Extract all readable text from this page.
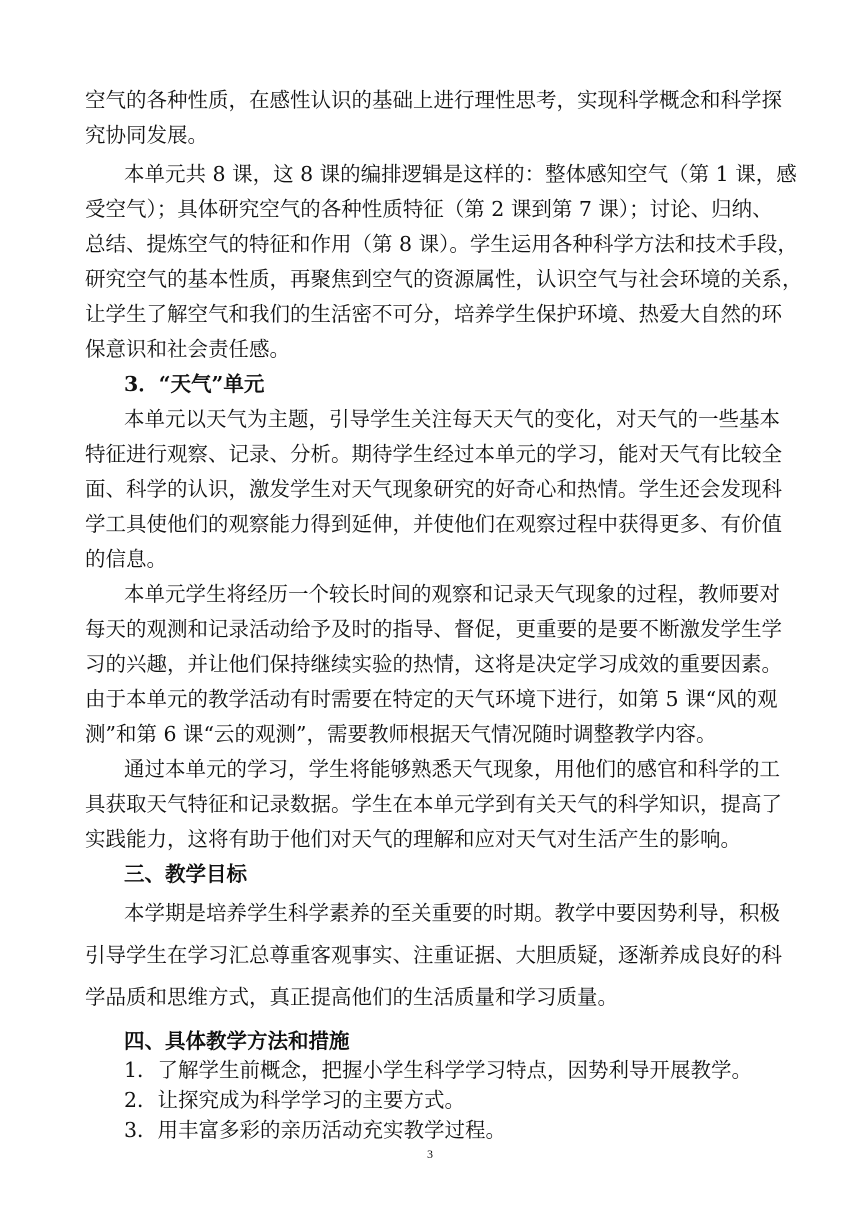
空气的各种性质，在感性认识的基础上进行理性思考，实现科学概念和科学探
究协同发展。
本单元共 8 课，这 8 课的编排逻辑是这样的：整体感知空气（第 1 课，感
受空气）；具体研究空气的各种性质特征（第 2 课到第 7 课）；讨论、归纳、
总结、提炼空气的特征和作用（第 8 课）。学生运用各种科学方法和技术手段，
研究空气的基本性质，再聚焦到空气的资源属性，认识空气与社会环境的关系，
让学生了解空气和我们的生活密不可分，培养学生保护环境、热爱大自然的环
保意识和社会责任感。
3．“天气”单元
本单元以天气为主题，引导学生关注每天天气的变化，对天气的一些基本
特征进行观察、记录、分析。期待学生经过本单元的学习，能对天气有比较全
面、科学的认识，激发学生对天气现象研究的好奇心和热情。学生还会发现科
学工具使他们的观察能力得到延伸，并使他们在观察过程中获得更多、有价值
的信息。
本单元学生将经历一个较长时间的观察和记录天气现象的过程，教师要对
每天的观测和记录活动给予及时的指导、督促，更重要的是要不断激发学生学
习的兴趣，并让他们保持继续实验的热情，这将是决定学习成效的重要因素。
由于本单元的教学活动有时需要在特定的天气环境下进行，如第 5 课“风的观
测”和第 6 课“云的观测”，需要教师根据天气情况随时调整教学内容。
通过本单元的学习，学生将能够熟悉天气现象，用他们的感官和科学的工
具获取天气特征和记录数据。学生在本单元学到有关天气的科学知识，提高了
实践能力，这将有助于他们对天气的理解和应对天气对生活产生的影响。
三、教学目标
本学期是培养学生科学素养的至关重要的时期。教学中要因势利导，积极
引导学生在学习汇总尊重客观事实、注重证据、大胆质疑，逐渐养成良好的科
学品质和思维方式，真正提高他们的生活质量和学习质量。
四、具体教学方法和措施
1．了解学生前概念，把握小学生科学学习特点，因势利导开展教学。
2．让探究成为科学学习的主要方式。
3．用丰富多彩的亲历活动充实教学过程。
3
